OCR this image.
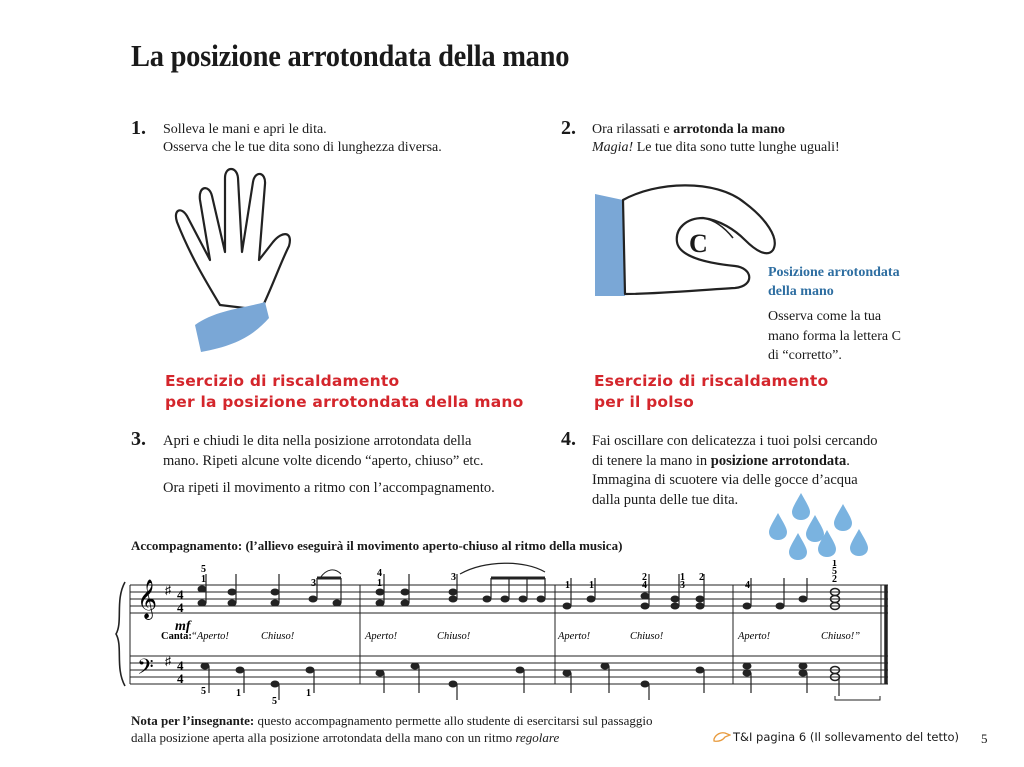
La posizione arrotondata della mano
1. Solleva le mani e apri le dita.
Osserva che le tue dita sono di lunghezza diversa.
2. Ora rilassati e arrotonda la mano
Magia! Le tue dita sono tutte lunghe uguali!
C
Posizione arrotondata
della mano
Osserva come la tua
mano forma la lettera C
di “corretto”.
Esercizio di riscaldamento
per la posizione arrotondata della mano
Esercizio di riscaldamento
per il polso
3. Apri e chiudi le dita nella posizione arrotondata della
mano. Ripeti alcune volte dicendo “aperto, chiuso” etc.
Ora ripeti il movimento a ritmo con l’accompagnamento.
4. Fai oscillare con delicatezza i tuoi polsi cercando
di tenere la mano in posizione arrotondata.
Immagina di scuotere via delle gocce d’acqua
dalla punta delle tue dita.
Accompagnamento: (l’allievo eseguirà il movimento aperto-chiuso al ritmo della musica)
𝄞
𝄢
♯
♯
4
4
4
4
mf
5
1	3
4
1
3
1 1
2
4
1
3
2
4
1
5
2
5	1
5
1
Canta: “Aperto!	Chiuso!	Aperto!	Chiuso!	Aperto!	Chiuso!	Aperto!	Chiuso!”
Nota per l’insegnante: questo accompagnamento permette allo studente di esercitarsi sul passaggio
dalla posizione aperta alla posizione arrotondata della mano con un ritmo regolare	T&I pagina 6 (Il sollevamento del tetto) 5
